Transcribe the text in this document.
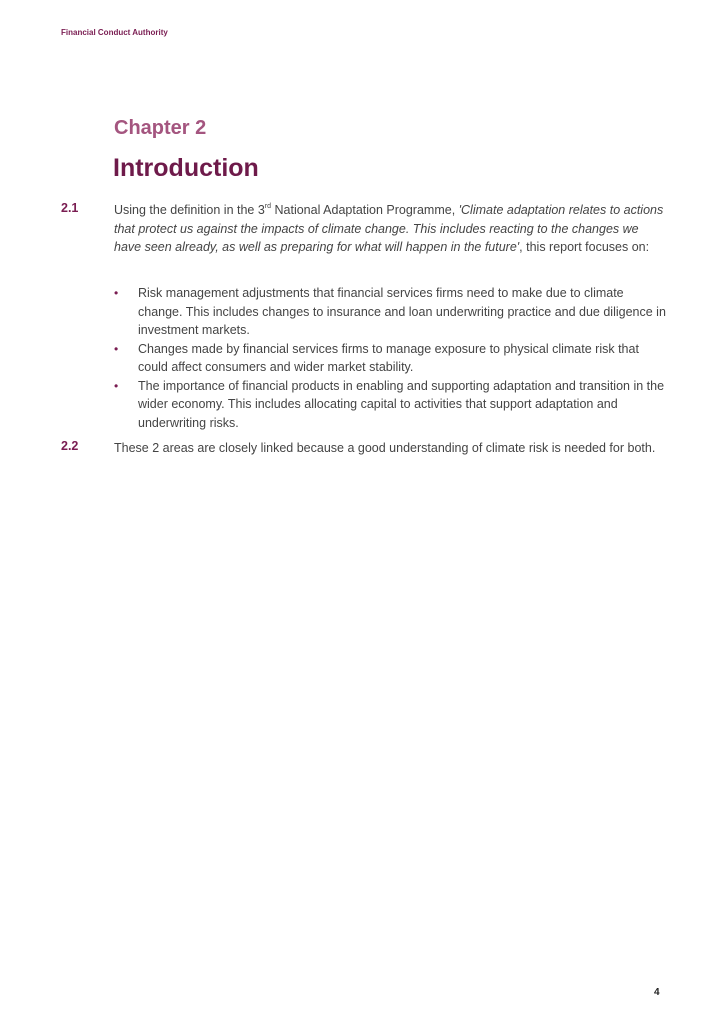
Financial Conduct Authority
Chapter 2
Introduction
2.1	Using the definition in the 3rd National Adaptation Programme, 'Climate adaptation relates to actions that protect us against the impacts of climate change. This includes reacting to the changes we have seen already, as well as preparing for what will happen in the future', this report focuses on:
• Risk management adjustments that financial services firms need to make due to climate change. This includes changes to insurance and loan underwriting practice and due diligence in investment markets.
• Changes made by financial services firms to manage exposure to physical climate risk that could affect consumers and wider market stability.
• The importance of financial products in enabling and supporting adaptation and transition in the wider economy. This includes allocating capital to activities that support adaptation and underwriting risks.
2.2	These 2 areas are closely linked because a good understanding of climate risk is needed for both.
4
